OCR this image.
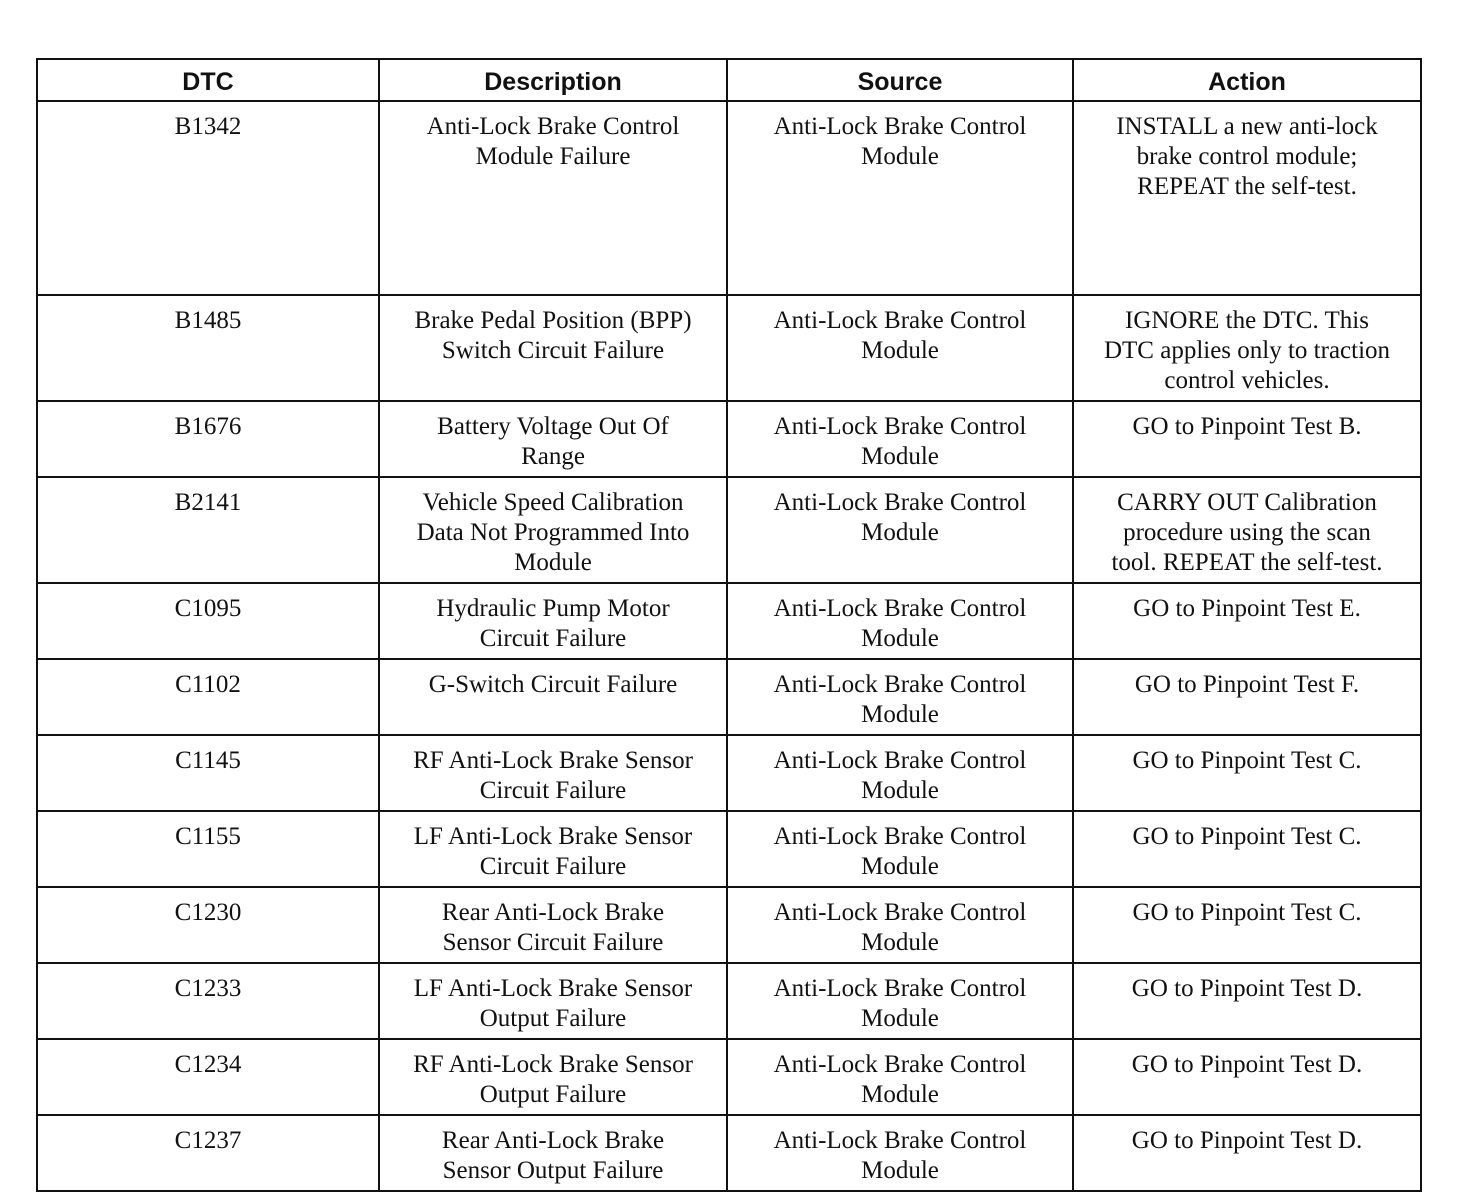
DTC	Description	Source	Action
B1342	Anti-Lock Brake Control
Module Failure	Anti-Lock Brake Control
Module	INSTALL a new anti-lock
brake control module;
REPEAT the self-test.
B1485	Brake Pedal Position (BPP)
Switch Circuit Failure	Anti-Lock Brake Control
Module	IGNORE the DTC. This
DTC applies only to traction
control vehicles.
B1676	Battery Voltage Out Of
Range	Anti-Lock Brake Control
Module	GO to Pinpoint Test B.
B2141	Vehicle Speed Calibration
Data Not Programmed Into
Module	Anti-Lock Brake Control
Module	CARRY OUT Calibration
procedure using the scan
tool. REPEAT the self-test.
C1095	Hydraulic Pump Motor
Circuit Failure	Anti-Lock Brake Control
Module	GO to Pinpoint Test E.
C1102	G-Switch Circuit Failure	Anti-Lock Brake Control
Module	GO to Pinpoint Test F.
C1145	RF Anti-Lock Brake Sensor
Circuit Failure	Anti-Lock Brake Control
Module	GO to Pinpoint Test C.
C1155	LF Anti-Lock Brake Sensor
Circuit Failure	Anti-Lock Brake Control
Module	GO to Pinpoint Test C.
C1230	Rear Anti-Lock Brake
Sensor Circuit Failure	Anti-Lock Brake Control
Module	GO to Pinpoint Test C.
C1233	LF Anti-Lock Brake Sensor
Output Failure	Anti-Lock Brake Control
Module	GO to Pinpoint Test D.
C1234	RF Anti-Lock Brake Sensor
Output Failure	Anti-Lock Brake Control
Module	GO to Pinpoint Test D.
C1237	Rear Anti-Lock Brake
Sensor Output Failure	Anti-Lock Brake Control
Module	GO to Pinpoint Test D.
